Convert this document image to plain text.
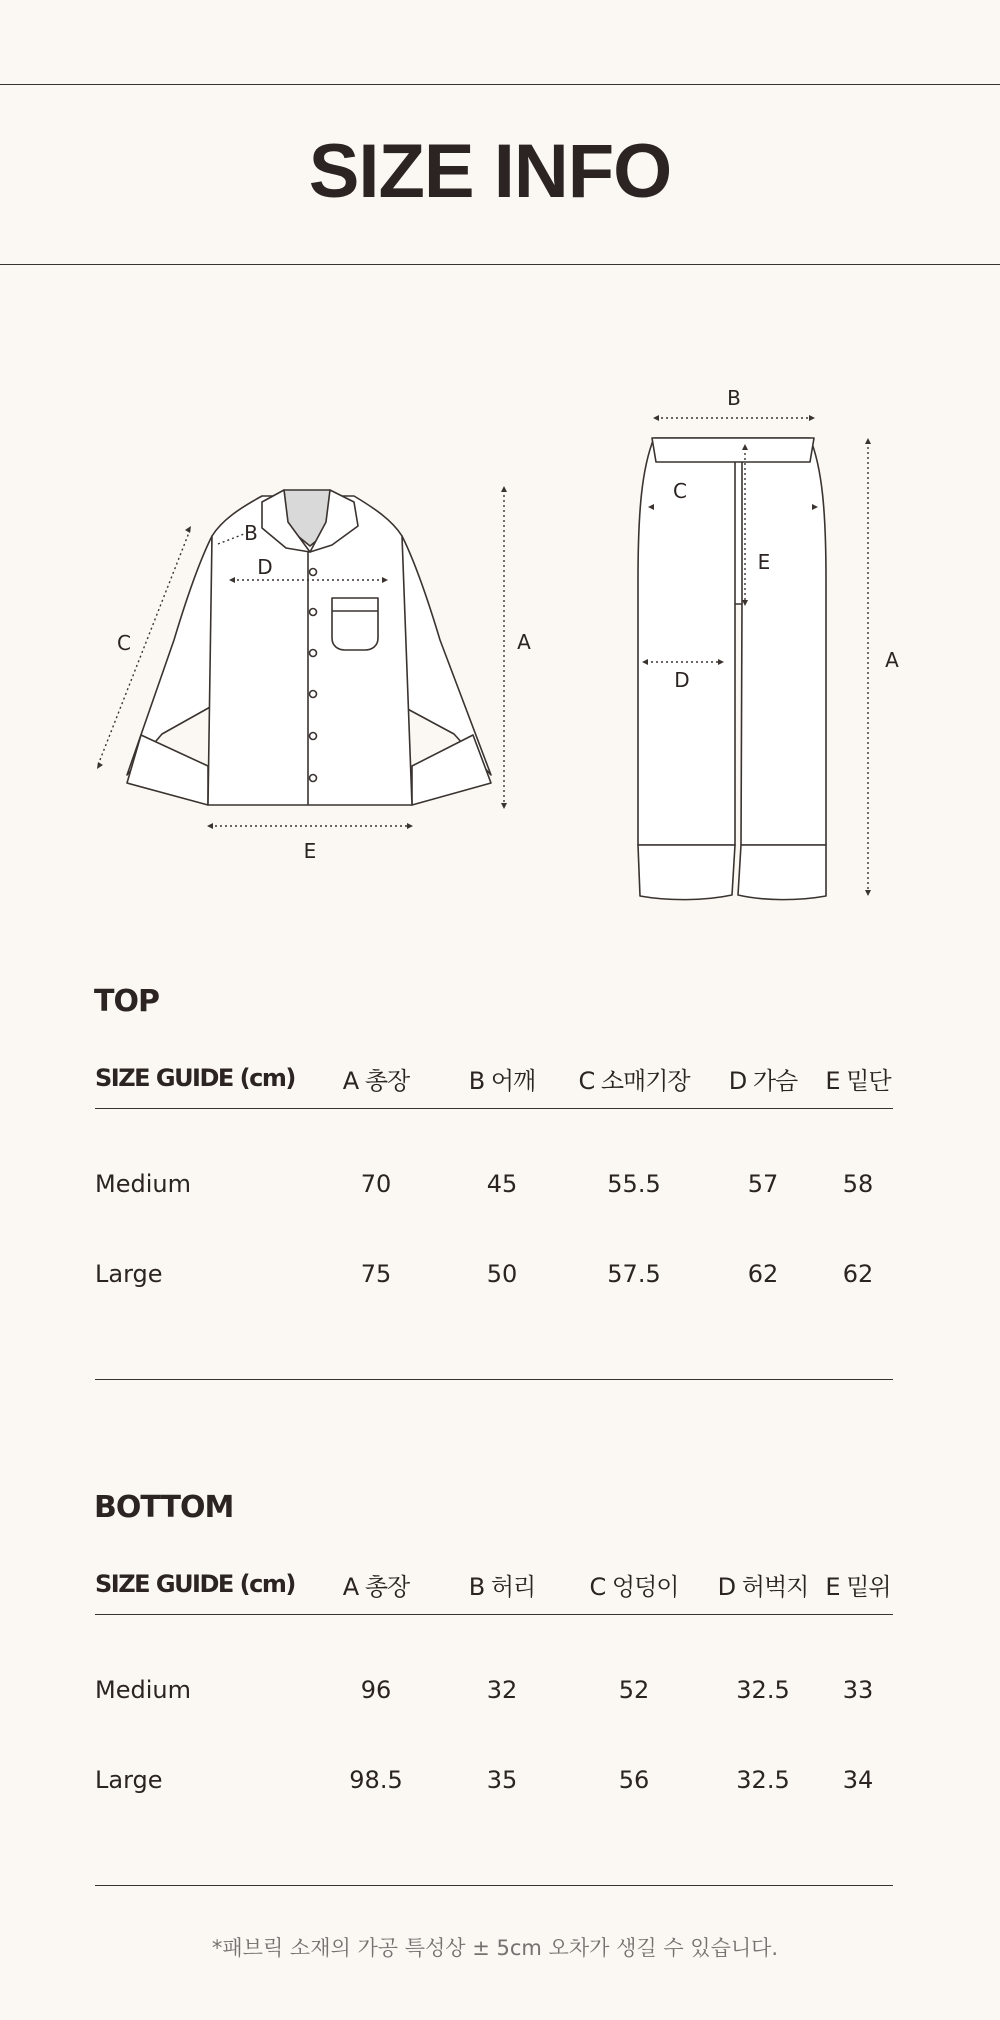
SIZE INFO
B
D
C	A
E
B
C
E
D
A
TOP
SIZE GUIDE (cm)	A 총장	B 어깨	C 소매기장	D 가슴	E 밑단

Medium	70	45	55.5	57	58
Large	75	50	57.5	62	62

BOTTOM
SIZE GUIDE (cm)	A 총장	B 허리	C 엉덩이	D 허벅지	E 밑위

Medium	96	32	52	32.5	33
Large	98.5	35	56	32.5	34

*패브릭 소재의 가공 특성상 ± 5cm 오차가 생길 수 있습니다.
